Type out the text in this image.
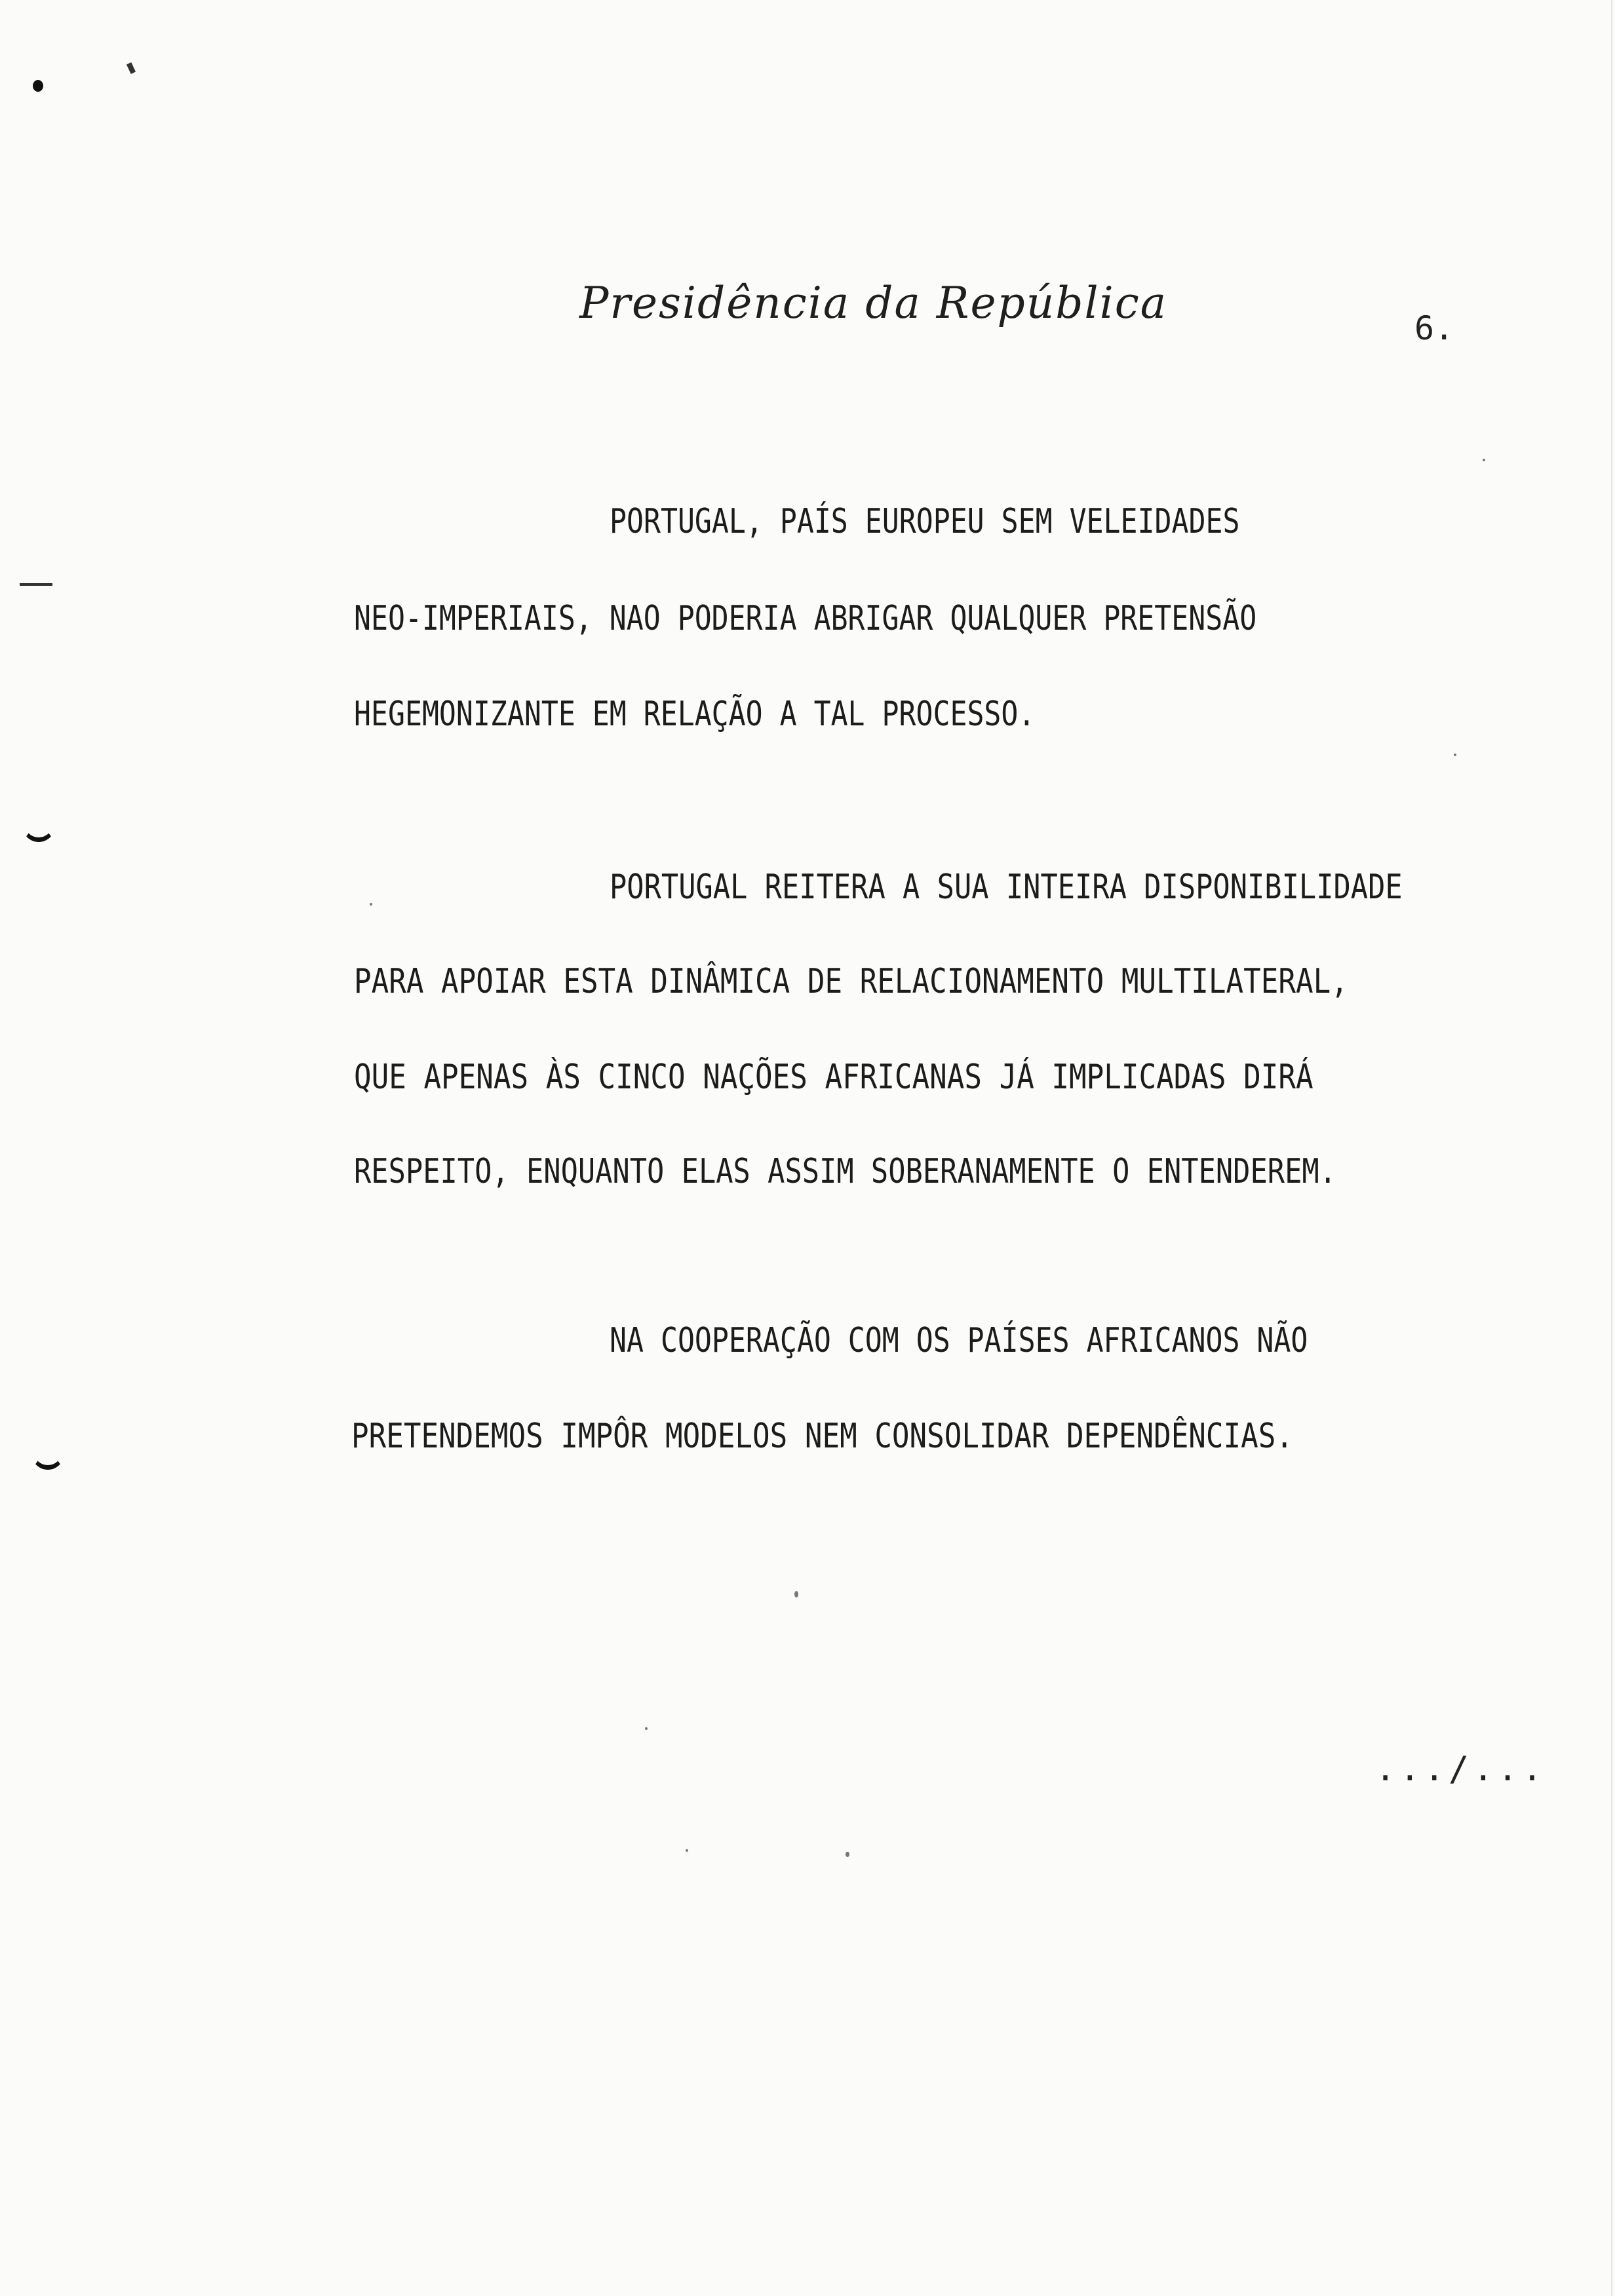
Presidência da República	6.
PORTUGAL, PAÍS EUROPEU SEM VELEIDADES
NEO-IMPERIAIS, NAO PODERIA ABRIGAR QUALQUER PRETENSÃO
HEGEMONIZANTE EM RELAÇÃO A TAL PROCESSO.
PORTUGAL REITERA A SUA INTEIRA DISPONIBILIDADE
PARA APOIAR ESTA DINÂMICA DE RELACIONAMENTO MULTILATERAL,
QUE APENAS ÀS CINCO NAÇÕES AFRICANAS JÁ IMPLICADAS DIRÁ
RESPEITO, ENQUANTO ELAS ASSIM SOBERANAMENTE O ENTENDEREM.
NA COOPERAÇÃO COM OS PAÍSES AFRICANOS NÃO
PRETENDEMOS IMPÔR MODELOS NEM CONSOLIDAR DEPENDÊNCIAS.
.../...
